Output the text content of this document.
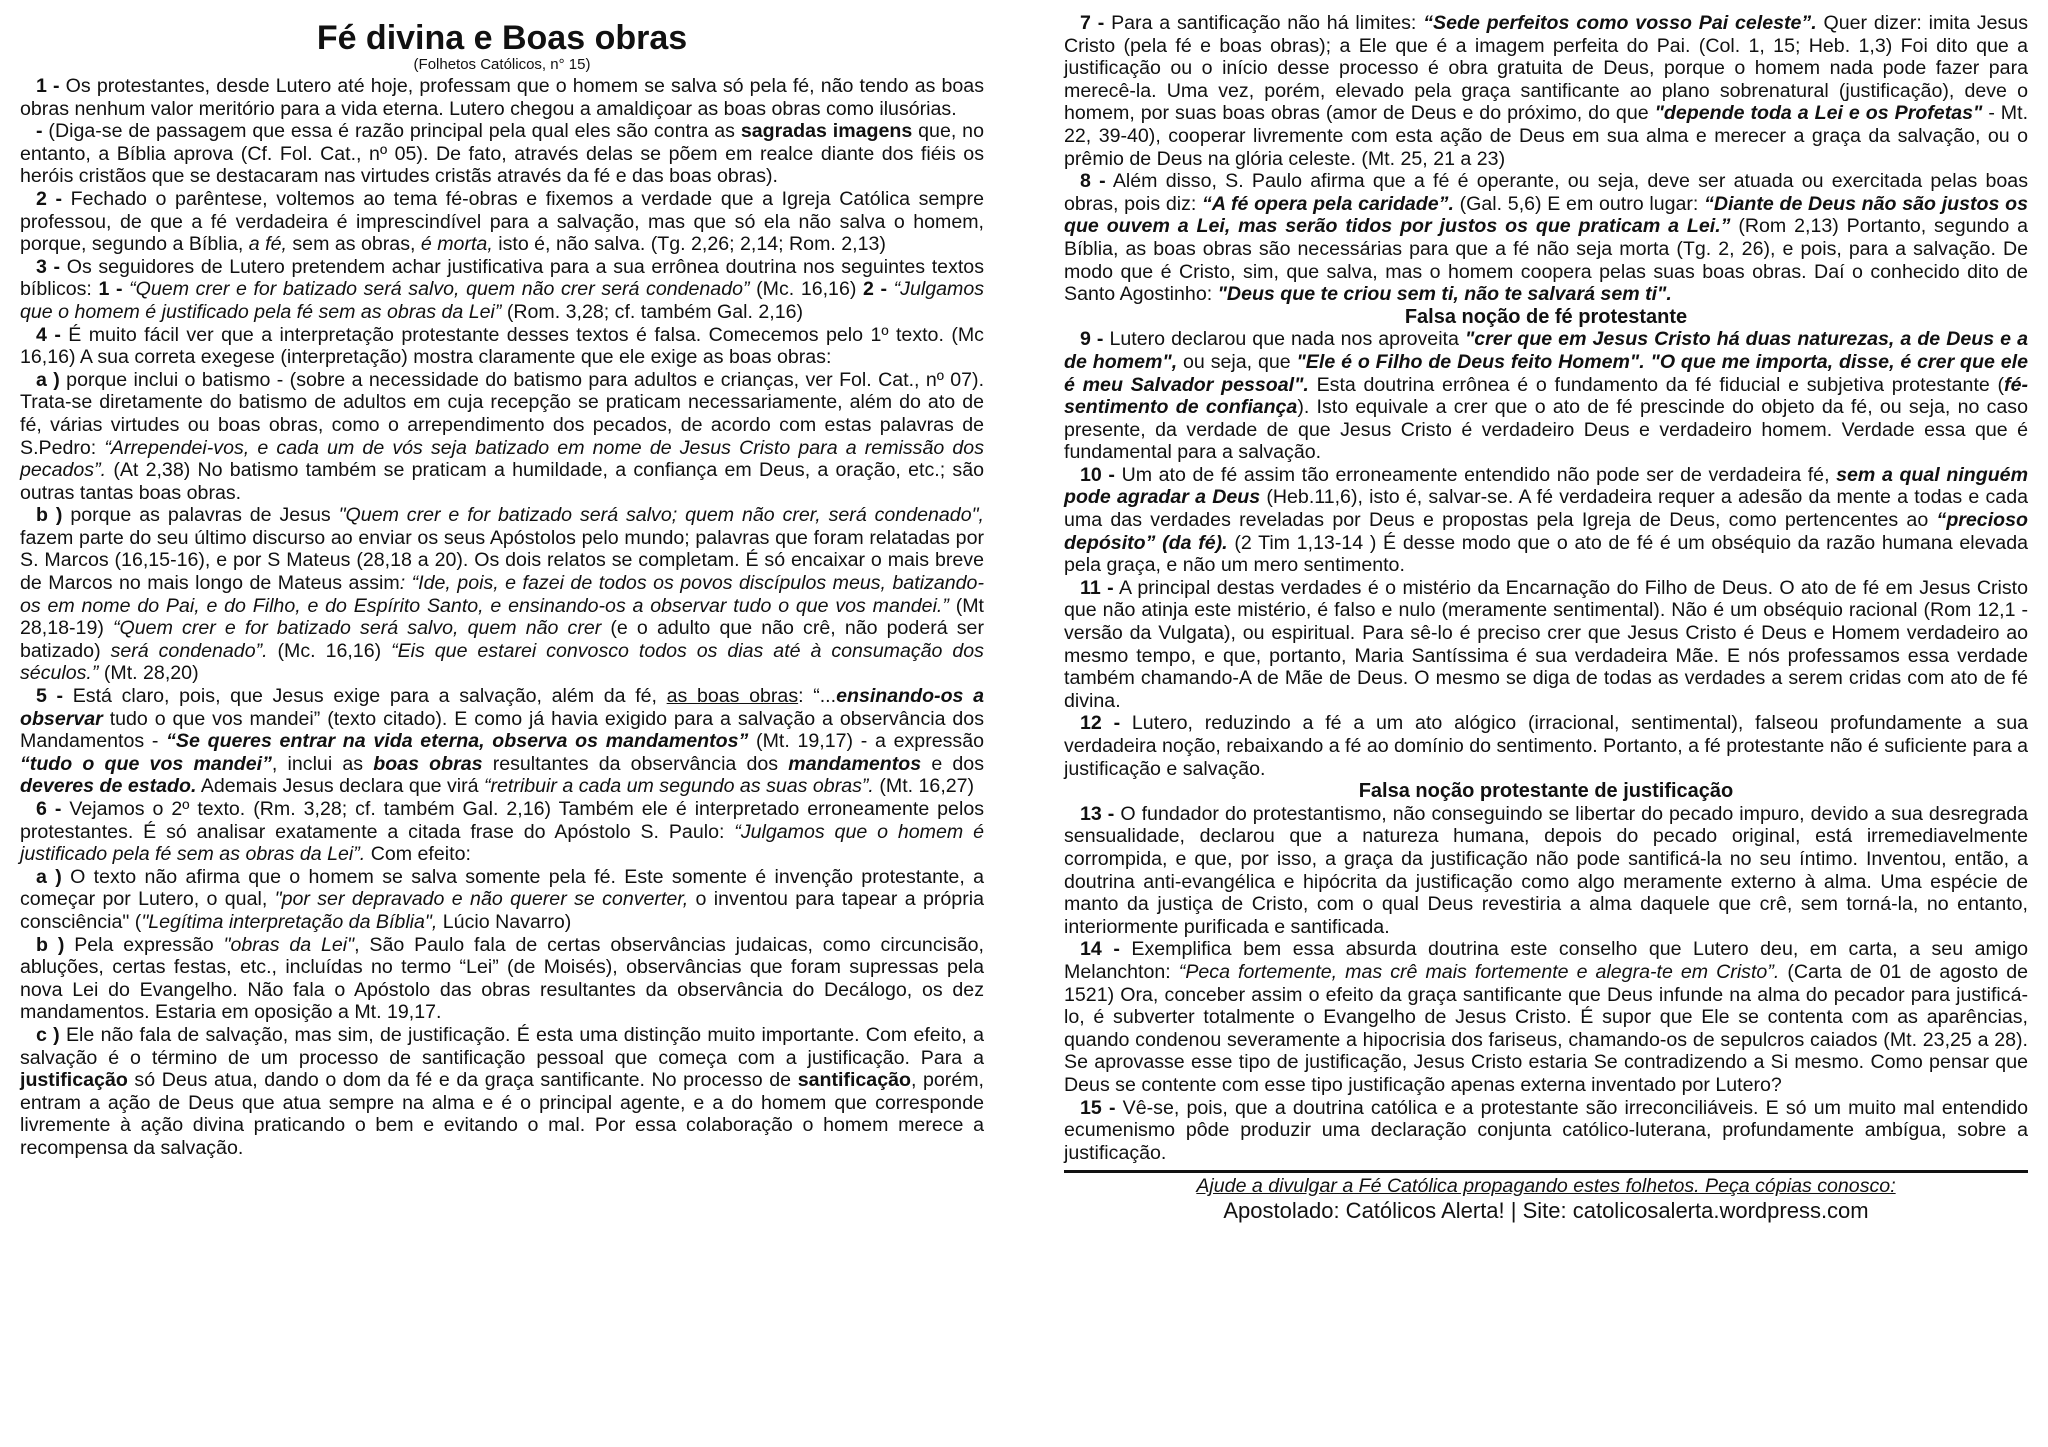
Fé divina e Boas obras
(Folhetos Católicos, n° 15)

1 - Os protestantes, desde Lutero até hoje, professam que o homem se salva só pela fé, não tendo as boas obras nenhum valor meritório para a vida eterna. Lutero chegou a amaldiçoar as boas obras como ilusórias.

- (Diga-se de passagem que essa é razão principal pela qual eles são contra as sagradas imagens que, no entanto, a Bíblia aprova (Cf. Fol. Cat., nº 05). De fato, através delas se põem em realce diante dos fiéis os heróis cristãos que se destacaram nas virtudes cristãs através da fé e das boas obras).

2 - Fechado o parêntese, voltemos ao tema fé-obras e fixemos a verdade que a Igreja Católica sempre professou, de que a fé verdadeira é imprescindível para a salvação, mas que só ela não salva o homem, porque, segundo a Bíblia, a fé, sem as obras, é morta, isto é, não salva. (Tg. 2,26; 2,14; Rom. 2,13)

3 - Os seguidores de Lutero pretendem achar justificativa para a sua errônea doutrina nos seguintes textos bíblicos: 1 - “Quem crer e for batizado será salvo, quem não crer será condenado” (Mc. 16,16) 2 - “Julgamos que o homem é justificado pela fé sem as obras da Lei” (Rom. 3,28; cf. também Gal. 2,16)

4 - É muito fácil ver que a interpretação protestante desses textos é falsa. Comecemos pelo 1º texto. (Mc 16,16) A sua correta exegese (interpretação) mostra claramente que ele exige as boas obras:

a ) porque inclui o batismo - (sobre a necessidade do batismo para adultos e crianças, ver Fol. Cat., nº 07). Trata-se diretamente do batismo de adultos em cuja recepção se praticam necessariamente, além do ato de fé, várias virtudes ou boas obras, como o arrependimento dos pecados, de acordo com estas palavras de S.Pedro: “Arrependei-vos, e cada um de vós seja batizado em nome de Jesus Cristo para a remissão dos pecados”. (At 2,38) No batismo também se praticam a humildade, a confiança em Deus, a oração, etc.; são outras tantas boas obras.

b ) porque as palavras de Jesus "Quem crer e for batizado será salvo; quem não crer, será condenado", fazem parte do seu último discurso ao enviar os seus Apóstolos pelo mundo; palavras que foram relatadas por S. Marcos (16,15-16), e por S Mateus (28,18 a 20). Os dois relatos se completam. É só encaixar o mais breve de Marcos no mais longo de Mateus assim: “Ide, pois, e fazei de todos os povos discípulos meus, batizando-os em nome do Pai, e do Filho, e do Espírito Santo, e ensinando-os a observar tudo o que vos mandei.” (Mt 28,18-19) “Quem crer e for batizado será salvo, quem não crer (e o adulto que não crê, não poderá ser batizado) será condenado”. (Mc. 16,16) “Eis que estarei convosco todos os dias até à consumação dos séculos.” (Mt. 28,20)

5 - Está claro, pois, que Jesus exige para a salvação, além da fé, as boas obras: “...ensinando-os a observar tudo o que vos mandei” (texto citado). E como já havia exigido para a salvação a observância dos Mandamentos - “Se queres entrar na vida eterna, observa os mandamentos” (Mt. 19,17) - a expressão “tudo o que vos mandei”, inclui as boas obras resultantes da observância dos mandamentos e dos deveres de estado. Ademais Jesus declara que virá “retribuir a cada um segundo as suas obras”. (Mt. 16,27)

6 - Vejamos o 2º texto. (Rm. 3,28; cf. também Gal. 2,16) Também ele é interpretado erroneamente pelos protestantes. É só analisar exatamente a citada frase do Apóstolo S. Paulo: “Julgamos que o homem é justificado pela fé sem as obras da Lei”. Com efeito:

a ) O texto não afirma que o homem se salva somente pela fé. Este somente é invenção protestante, a começar por Lutero, o qual, "por ser depravado e não querer se converter, o inventou para tapear a própria consciência" ("Legítima interpretação da Bíblia", Lúcio Navarro)

b ) Pela expressão "obras da Lei", São Paulo fala de certas observâncias judaicas, como circuncisão, abluções, certas festas, etc., incluídas no termo “Lei” (de Moisés), observâncias que foram supressas pela nova Lei do Evangelho. Não fala o Apóstolo das obras resultantes da observância do Decálogo, os dez mandamentos. Estaria em oposição a Mt. 19,17.

c ) Ele não fala de salvação, mas sim, de justificação. É esta uma distinção muito importante. Com efeito, a salvação é o término de um processo de santificação pessoal que começa com a justificação. Para a justificação só Deus atua, dando o dom da fé e da graça santificante. No processo de santificação, porém, entram a ação de Deus que atua sempre na alma e é o principal agente, e a do homem que corresponde livremente à ação divina praticando o bem e evitando o mal. Por essa colaboração o homem merece a recompensa da salvação.

7 - Para a santificação não há limites: “Sede perfeitos como vosso Pai celeste”. Quer dizer: imita Jesus Cristo (pela fé e boas obras); a Ele que é a imagem perfeita do Pai. (Col. 1, 15; Heb. 1,3) Foi dito que a justificação ou o início desse processo é obra gratuita de Deus, porque o homem nada pode fazer para merecê-la. Uma vez, porém, elevado pela graça santificante ao plano sobrenatural (justificação), deve o homem, por suas boas obras (amor de Deus e do próximo, do que "depende toda a Lei e os Profetas" - Mt. 22, 39-40), cooperar livremente com esta ação de Deus em sua alma e merecer a graça da salvação, ou o prêmio de Deus na glória celeste. (Mt. 25, 21 a 23)

8 - Além disso, S. Paulo afirma que a fé é operante, ou seja, deve ser atuada ou exercitada pelas boas obras, pois diz: “A fé opera pela caridade”. (Gal. 5,6) E em outro lugar: “Diante de Deus não são justos os que ouvem a Lei, mas serão tidos por justos os que praticam a Lei.” (Rom 2,13) Portanto, segundo a Bíblia, as boas obras são necessárias para que a fé não seja morta (Tg. 2, 26), e pois, para a salvação. De modo que é Cristo, sim, que salva, mas o homem coopera pelas suas boas obras. Daí o conhecido dito de Santo Agostinho: "Deus que te criou sem ti, não te salvará sem ti".

Falsa noção de fé protestante

9 - Lutero declarou que nada nos aproveita "crer que em Jesus Cristo há duas naturezas, a de Deus e a de homem", ou seja, que "Ele é o Filho de Deus feito Homem". "O que me importa, disse, é crer que ele é meu Salvador pessoal". Esta doutrina errônea é o fundamento da fé fiducial e subjetiva protestante (fé-sentimento de confiança). Isto equivale a crer que o ato de fé prescinde do objeto da fé, ou seja, no caso presente, da verdade de que Jesus Cristo é verdadeiro Deus e verdadeiro homem. Verdade essa que é fundamental para a salvação.

10 - Um ato de fé assim tão erroneamente entendido não pode ser de verdadeira fé, sem a qual ninguém pode agradar a Deus (Heb.11,6), isto é, salvar-se. A fé verdadeira requer a adesão da mente a todas e cada uma das verdades reveladas por Deus e propostas pela Igreja de Deus, como pertencentes ao “precioso depósito” (da fé). (2 Tim 1,13-14 ) É desse modo que o ato de fé é um obséquio da razão humana elevada pela graça, e não um mero sentimento.

11 - A principal destas verdades é o mistério da Encarnação do Filho de Deus. O ato de fé em Jesus Cristo que não atinja este mistério, é falso e nulo (meramente sentimental). Não é um obséquio racional (Rom 12,1 - versão da Vulgata), ou espiritual. Para sê-lo é preciso crer que Jesus Cristo é Deus e Homem verdadeiro ao mesmo tempo, e que, portanto, Maria Santíssima é sua verdadeira Mãe. E nós professamos essa verdade também chamando-A de Mãe de Deus. O mesmo se diga de todas as verdades a serem cridas com ato de fé divina.

12 - Lutero, reduzindo a fé a um ato alógico (irracional, sentimental), falseou profundamente a sua verdadeira noção, rebaixando a fé ao domínio do sentimento. Portanto, a fé protestante não é suficiente para a justificação e salvação.

Falsa noção protestante de justificação

13 - O fundador do protestantismo, não conseguindo se libertar do pecado impuro, devido a sua desregrada sensualidade, declarou que a natureza humana, depois do pecado original, está irremediavelmente corrompida, e que, por isso, a graça da justificação não pode santificá-la no seu íntimo. Inventou, então, a doutrina anti-evangélica e hipócrita da justificação como algo meramente externo à alma. Uma espécie de manto da justiça de Cristo, com o qual Deus revestiria a alma daquele que crê, sem torná-la, no entanto, interiormente purificada e santificada.

14 - Exemplifica bem essa absurda doutrina este conselho que Lutero deu, em carta, a seu amigo Melanchton: “Peca fortemente, mas crê mais fortemente e alegra-te em Cristo”. (Carta de 01 de agosto de 1521) Ora, conceber assim o efeito da graça santificante que Deus infunde na alma do pecador para justificá-lo, é subverter totalmente o Evangelho de Jesus Cristo. É supor que Ele se contenta com as aparências, quando condenou severamente a hipocrisia dos fariseus, chamando-os de sepulcros caiados (Mt. 23,25 a 28). Se aprovasse esse tipo de justificação, Jesus Cristo estaria Se contradizendo a Si mesmo. Como pensar que Deus se contente com esse tipo justificação apenas externa inventado por Lutero?

15 - Vê-se, pois, que a doutrina católica e a protestante são irreconciliáveis. E só um muito mal entendido ecumenismo pôde produzir uma declaração conjunta católico-luterana, profundamente ambígua, sobre a justificação.

Ajude a divulgar a Fé Católica propagando estes folhetos. Peça cópias conosco:
Apostolado: Católicos Alerta! | Site: catolicosalerta.wordpress.com
